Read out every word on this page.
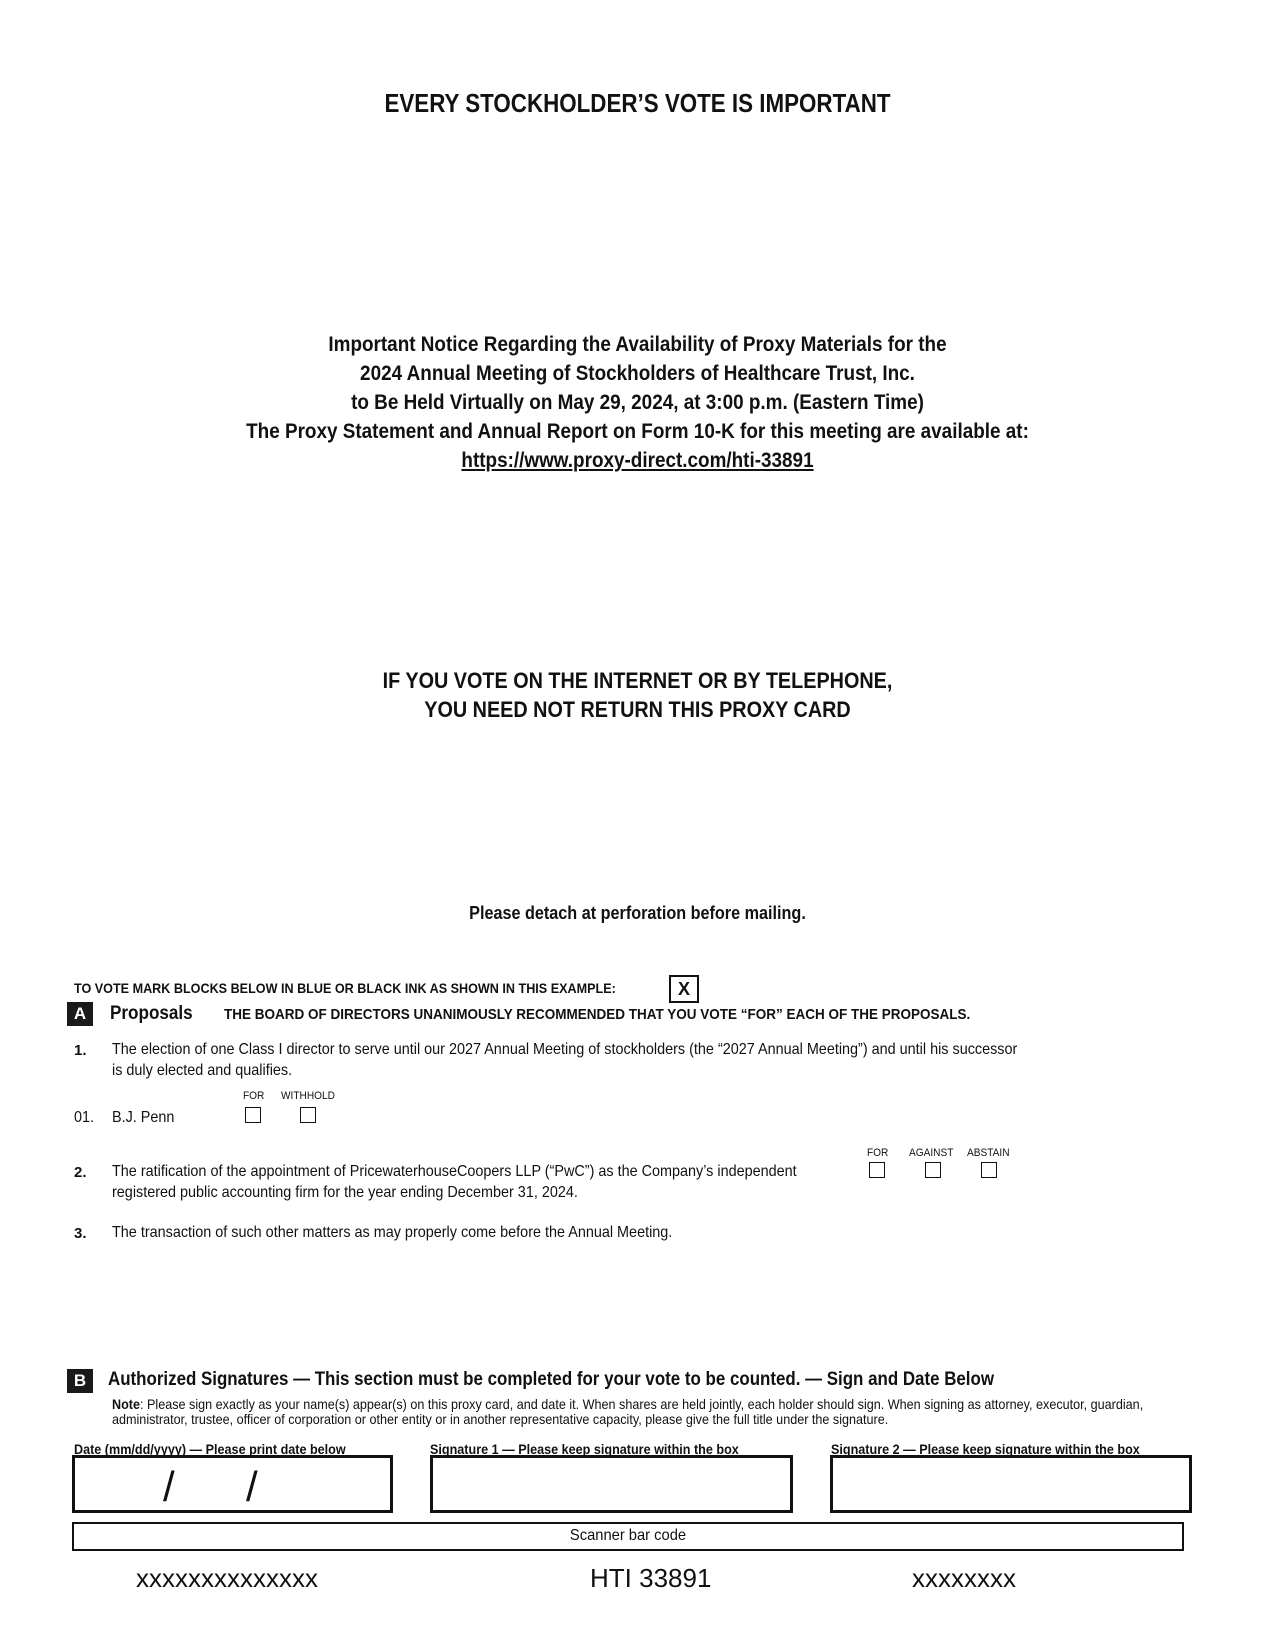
EVERY STOCKHOLDER’S VOTE IS IMPORTANT
Important Notice Regarding the Availability of Proxy Materials for the
2024 Annual Meeting of Stockholders of Healthcare Trust, Inc.
to Be Held Virtually on May 29, 2024, at 3:00 p.m. (Eastern Time)
The Proxy Statement and Annual Report on Form 10-K for this meeting are available at:
https://www.proxy-direct.com/hti-33891
IF YOU VOTE ON THE INTERNET OR BY TELEPHONE,
YOU NEED NOT RETURN THIS PROXY CARD
Please detach at perforation before mailing.
TO VOTE MARK BLOCKS BELOW IN BLUE OR BLACK INK AS SHOWN IN THIS EXAMPLE:	X
A	Proposals THE BOARD OF DIRECTORS UNANIMOUSLY RECOMMENDED THAT YOU VOTE “FOR” EACH OF THE PROPOSALS.
1. The election of one Class I director to serve until our 2027 Annual Meeting of stockholders (the “2027 Annual Meeting”) and until his successor is duly elected and qualifies.
FOR WITHHOLD
01. B.J. Penn
FOR AGAINST ABSTAIN
2. The ratification of the appointment of PricewaterhouseCoopers LLP (“PwC”) as the Company’s independent registered public accounting firm for the year ending December 31, 2024.
3. The transaction of such other matters as may properly come before the Annual Meeting.
B	Authorized Signatures — This section must be completed for your vote to be counted. — Sign and Date Below
Note: Please sign exactly as your name(s) appear(s) on this proxy card, and date it. When shares are held jointly, each holder should sign. When signing as attorney, executor, guardian, administrator, trustee, officer of corporation or other entity or in another representative capacity, please give the full title under the signature.
Date (mm/dd/yyyy) — Please print date below	Signature 1 — Please keep signature within the box	Signature 2 — Please keep signature within the box
/ /
Scanner bar code
xxxxxxxxxxxxxx	HTI 33891	xxxxxxxx
